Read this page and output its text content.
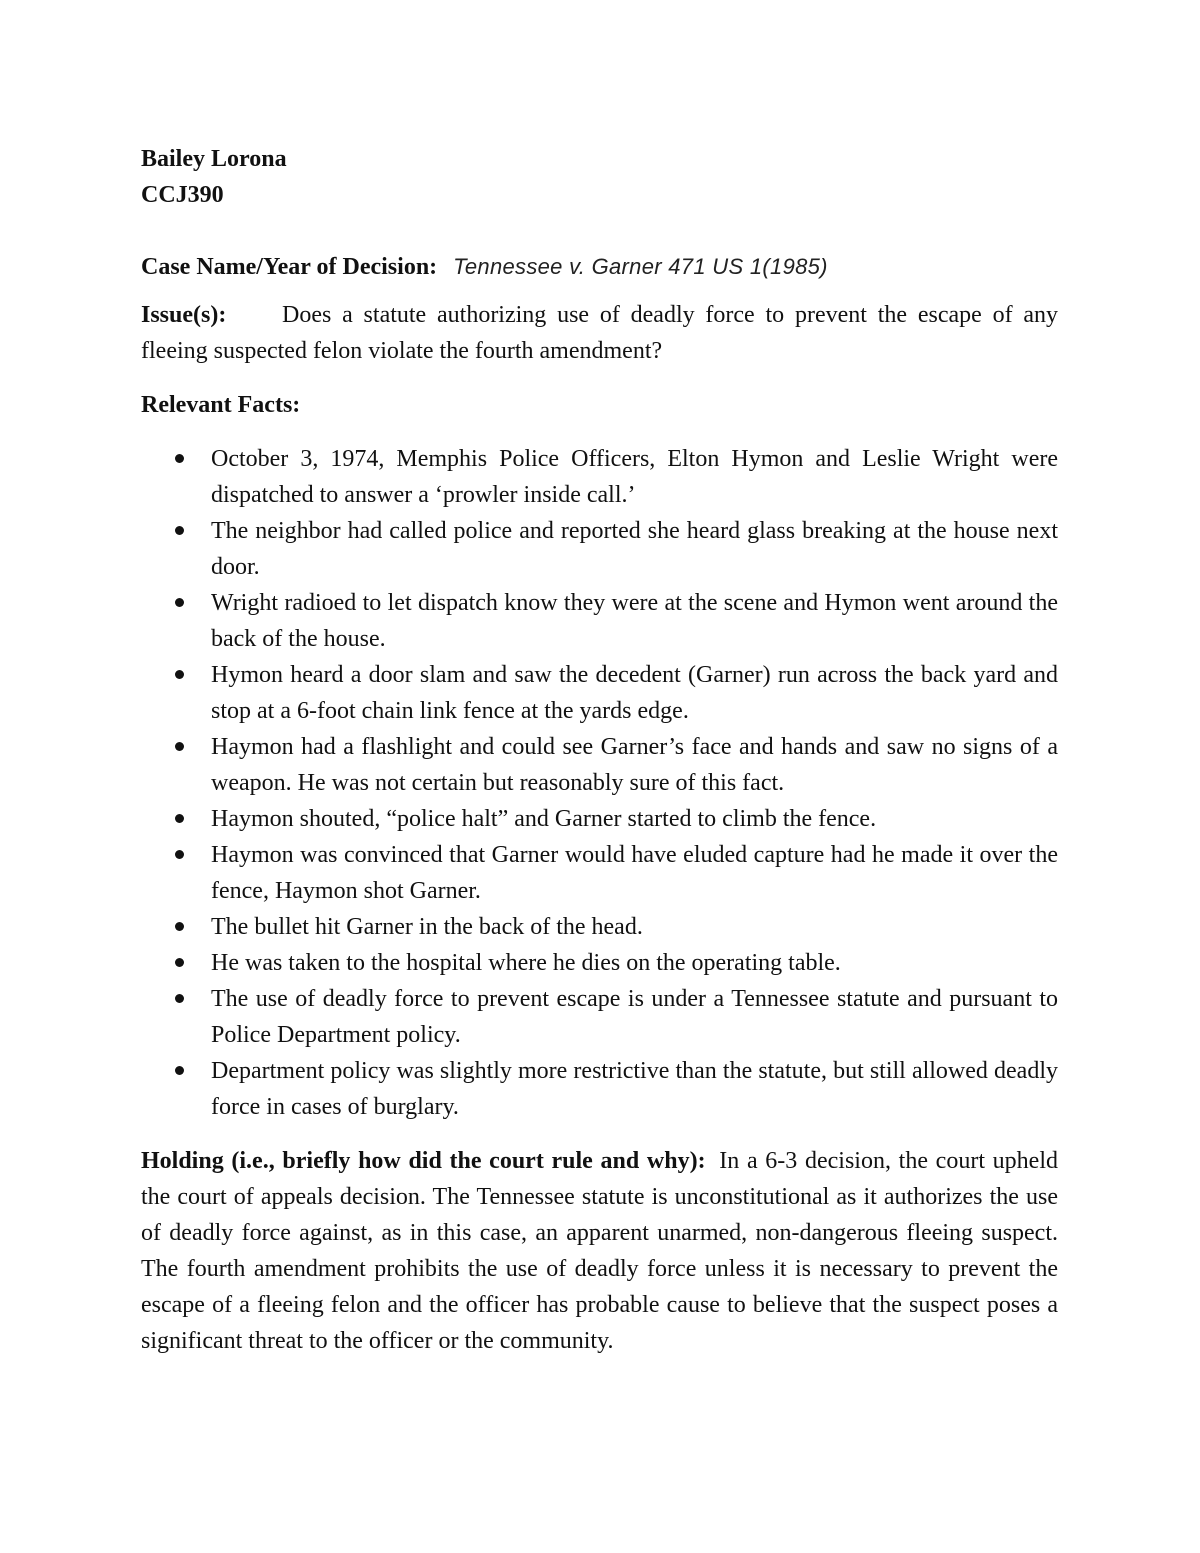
Bailey Lorona
CCJ390
Case Name/Year of Decision: Tennessee v. Garner 471 US 1(1985)
Issue(s): Does a statute authorizing use of deadly force to prevent the escape of any fleeing suspected felon violate the fourth amendment?
Relevant Facts:
October 3, 1974, Memphis Police Officers, Elton Hymon and Leslie Wright were dispatched to answer a ‘prowler inside call.’
The neighbor had called police and reported she heard glass breaking at the house next door.
Wright radioed to let dispatch know they were at the scene and Hymon went around the back of the house.
Hymon heard a door slam and saw the decedent (Garner) run across the back yard and stop at a 6-foot chain link fence at the yards edge.
Haymon had a flashlight and could see Garner’s face and hands and saw no signs of a weapon. He was not certain but reasonably sure of this fact.
Haymon shouted, “police halt” and Garner started to climb the fence.
Haymon was convinced that Garner would have eluded capture had he made it over the fence, Haymon shot Garner.
The bullet hit Garner in the back of the head.
He was taken to the hospital where he dies on the operating table.
The use of deadly force to prevent escape is under a Tennessee statute and pursuant to Police Department policy.
Department policy was slightly more restrictive than the statute, but still allowed deadly force in cases of burglary.
Holding (i.e., briefly how did the court rule and why): In a 6-3 decision, the court upheld the court of appeals decision. The Tennessee statute is unconstitutional as it authorizes the use of deadly force against, as in this case, an apparent unarmed, non-dangerous fleeing suspect. The fourth amendment prohibits the use of deadly force unless it is necessary to prevent the escape of a fleeing felon and the officer has probable cause to believe that the suspect poses a significant threat to the officer or the community.
